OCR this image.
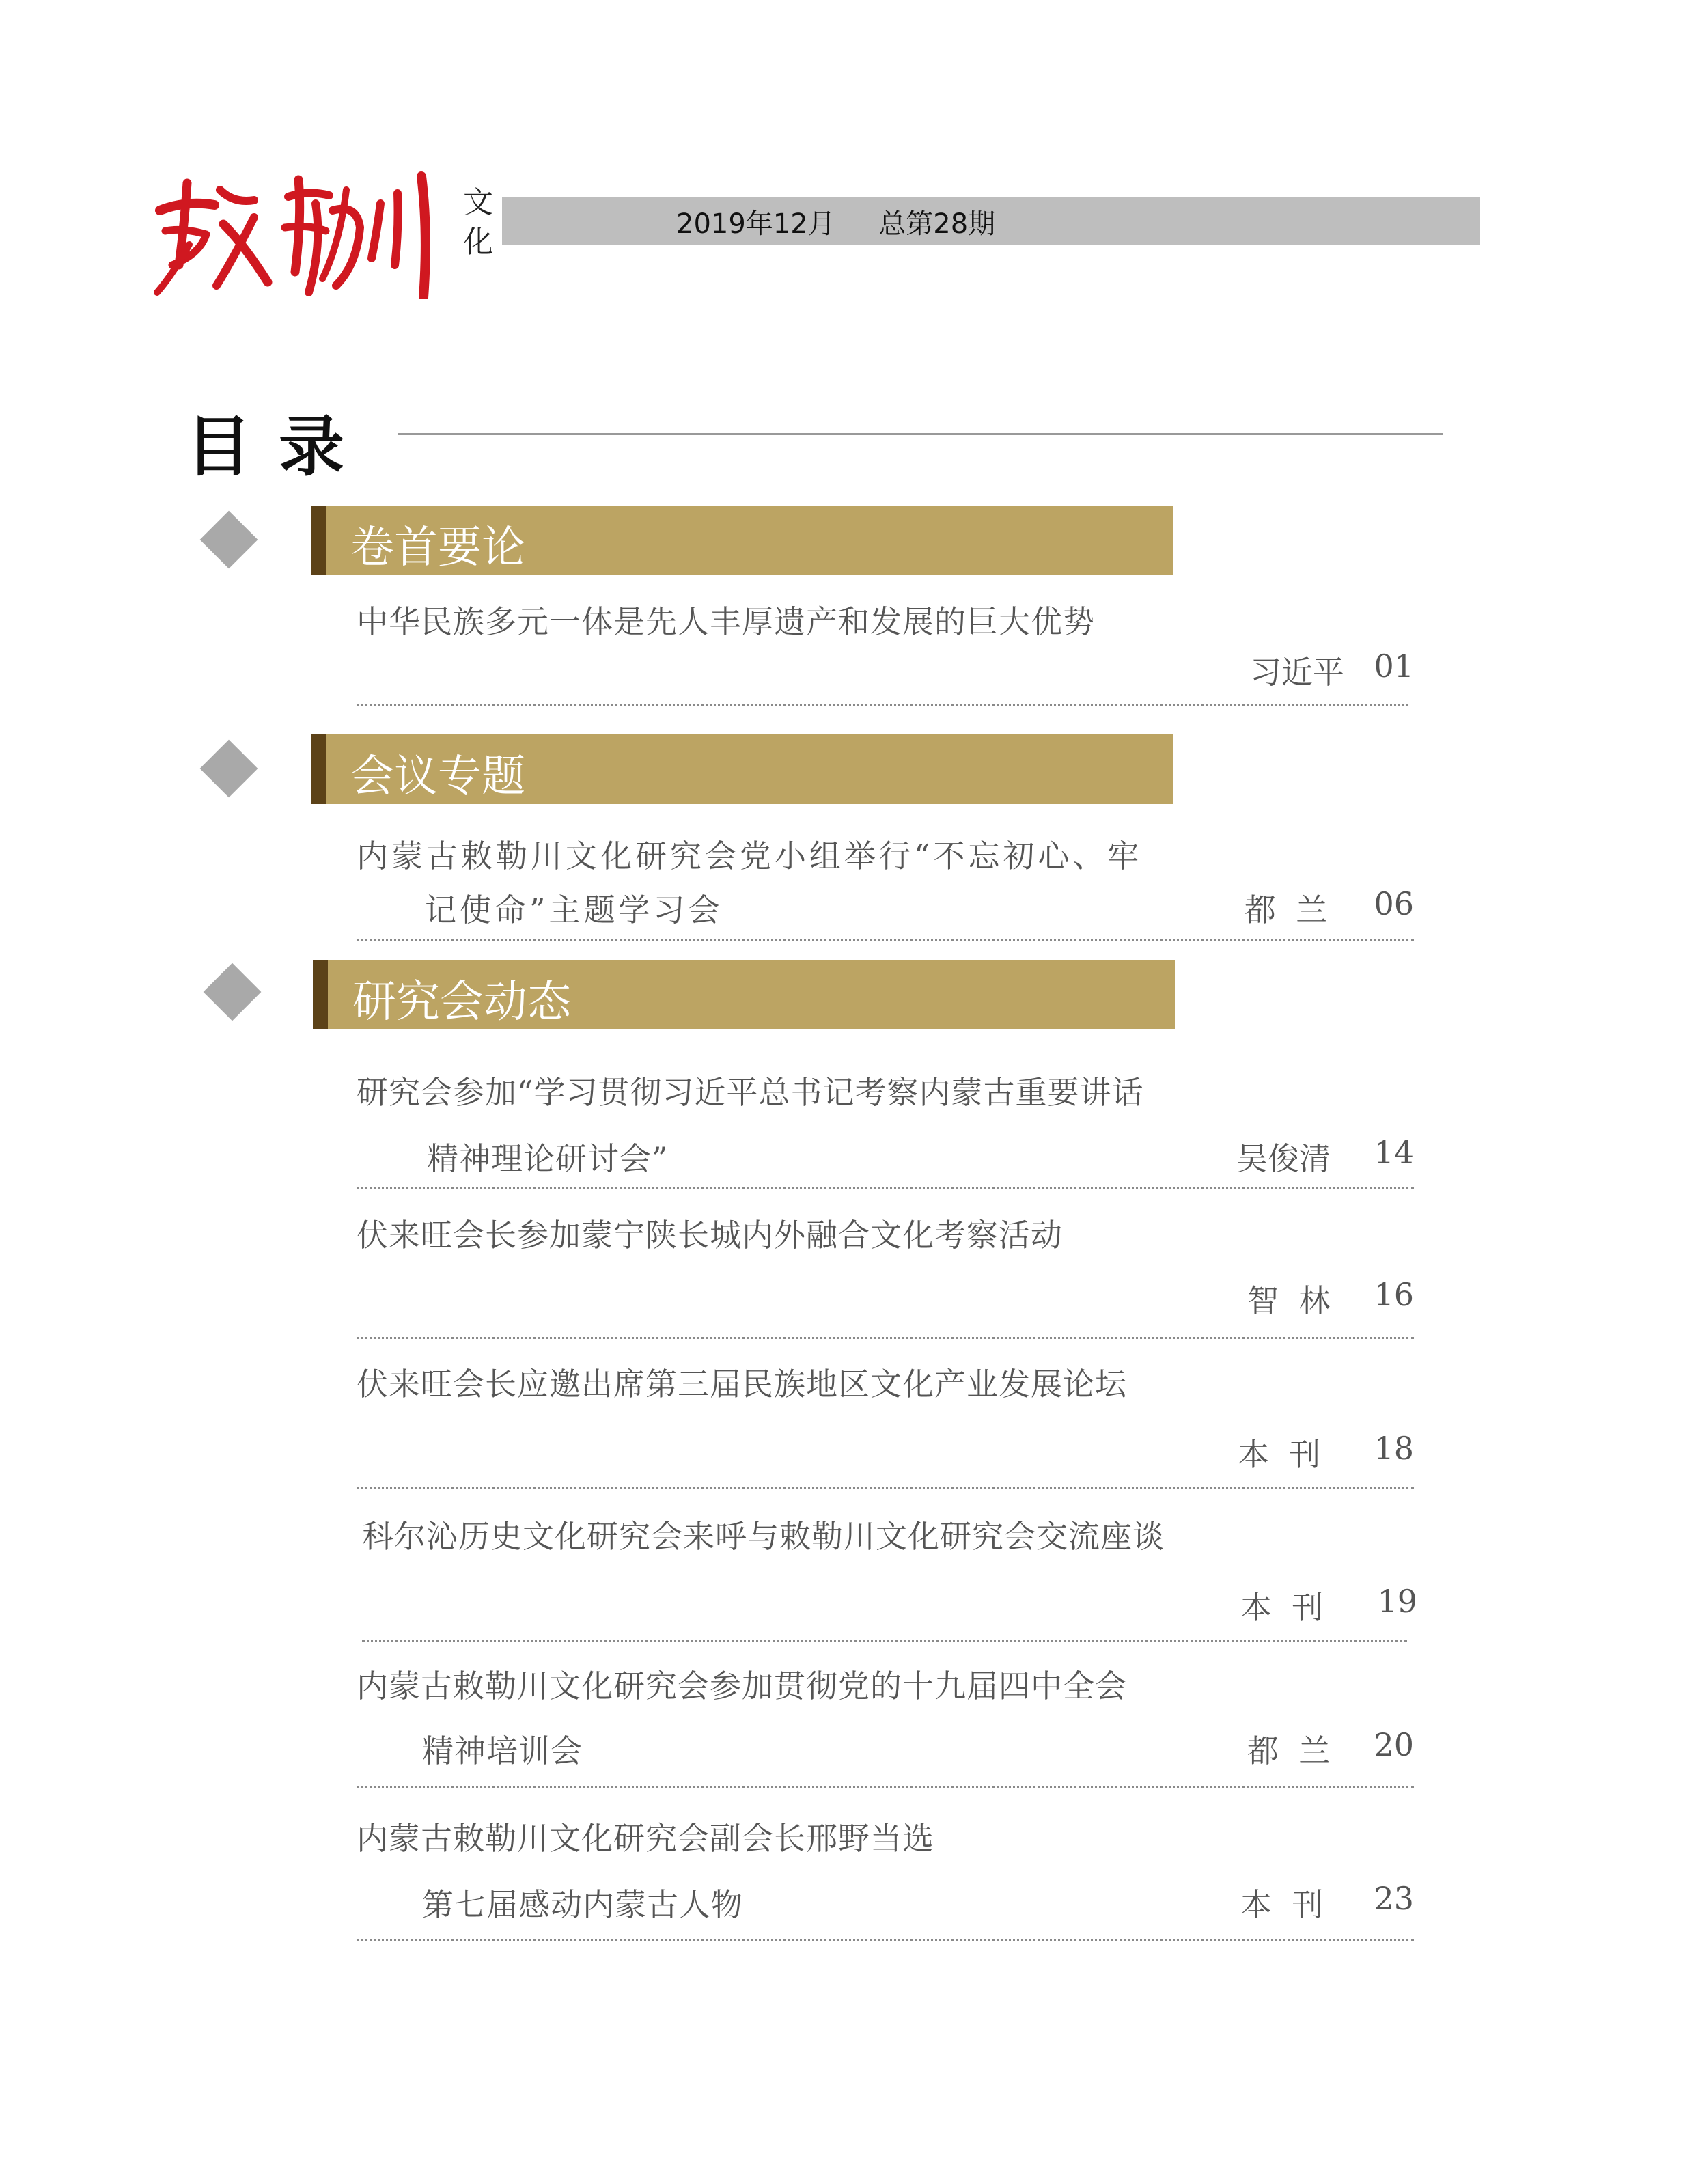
文化
2019年12月     总第28期
目录
卷首要论
中华民族多元一体是先人丰厚遗产和发展的巨大优势
习近平 01
会议专题
内蒙古敕勒川文化研究会党小组举行“不忘初心、牢
记使命”主题学习会	都  兰	06
研究会动态
研究会参加“学习贯彻习近平总书记考察内蒙古重要讲话
精神理论研讨会”	吴俊清	14
伏来旺会长参加蒙宁陕长城内外融合文化考察活动
智  林	16
伏来旺会长应邀出席第三届民族地区文化产业发展论坛
本  刊	18
科尔沁历史文化研究会来呼与敕勒川文化研究会交流座谈
本  刊	19
内蒙古敕勒川文化研究会参加贯彻党的十九届四中全会
精神培训会	都  兰	20
内蒙古敕勒川文化研究会副会长邢野当选
第七届感动内蒙古人物	本  刊	23
